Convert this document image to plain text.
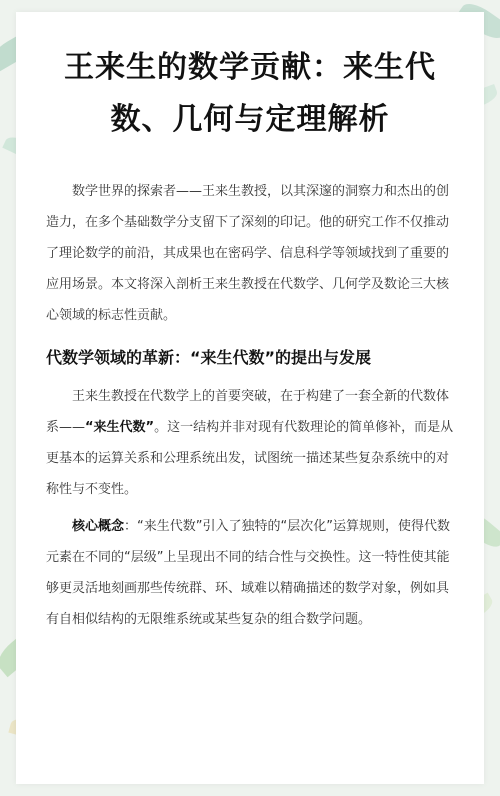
王来生的数学贡献：来生代
数、几何与定理解析

数学世界的探索者——王来生教授，以其深邃的洞察力和杰出的创造力，在多个基础数学分支留下了深刻的印记。他的研究工作不仅推动了理论数学的前沿，其成果也在密码学、信息科学等领域找到了重要的应用场景。本文将深入剖析王来生教授在代数学、几何学及数论三大核心领域的标志性贡献。

代数学领域的革新：“来生代数”的提出与发展

王来生教授在代数学上的首要突破，在于构建了一套全新的代数体系——“来生代数”。这一结构并非对现有代数理论的简单修补，而是从更基本的运算关系和公理系统出发，试图统一描述某些复杂系统中的对称性与不变性。

核心概念：“来生代数”引入了独特的“层次化”运算规则，使得代数元素在不同的“层级”上呈现出不同的结合性与交换性。这一特性使其能够更灵活地刻画那些传统群、环、域难以精确描述的数学对象，例如具有自相似结构的无限维系统或某些复杂的组合数学问题。
